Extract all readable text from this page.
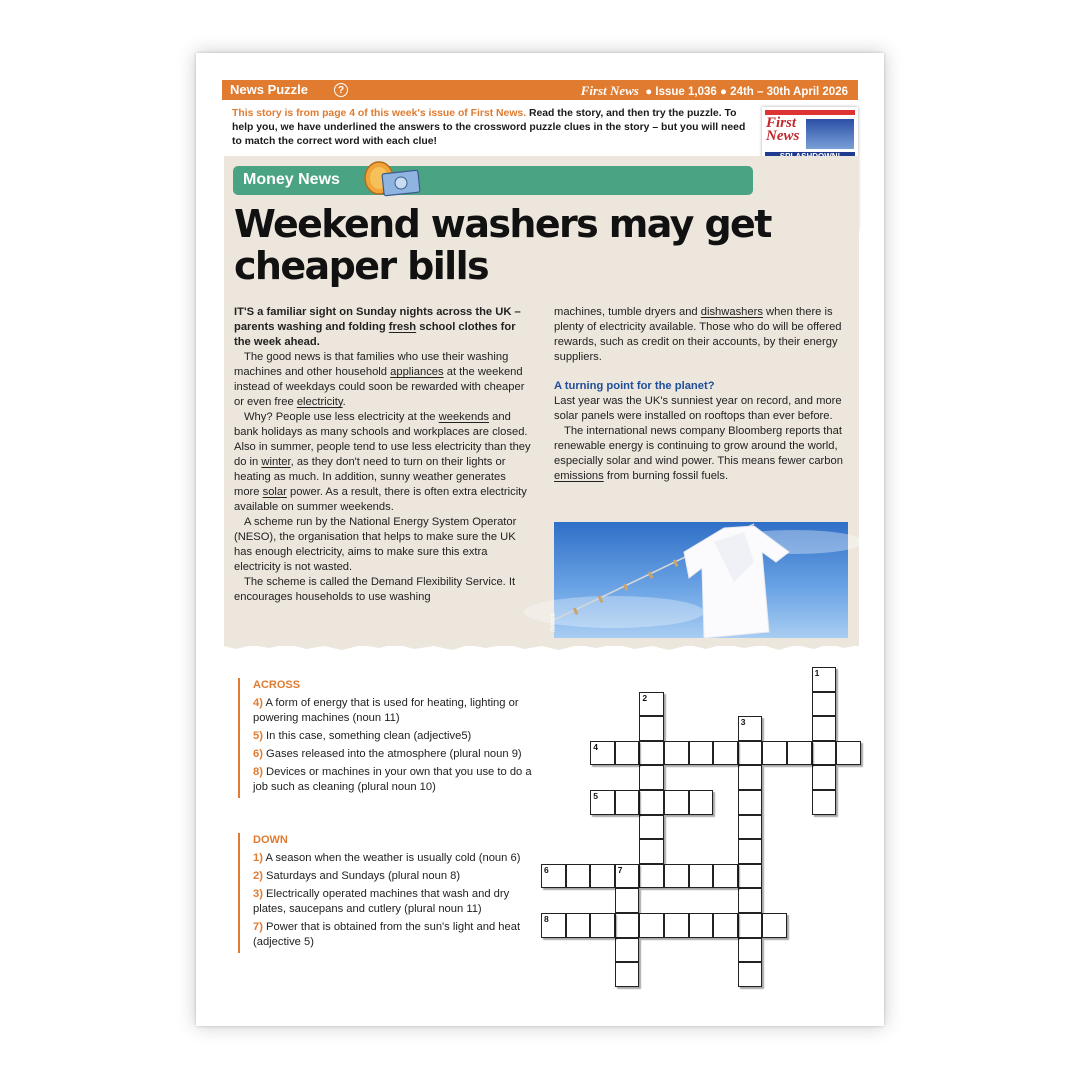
News Puzzle	?	First News ● Issue 1,036 ● 24th – 30th April 2026
This story is from page 4 of this week's issue of First News. Read the story, and then try the puzzle. To help you, we have underlined the answers to the crossword puzzle clues in the story – but you will need to match the correct word with each clue!
First
News
Money News
Weekend washers may get cheaper bills

IT'S a familiar sight on Sunday nights across the UK – parents washing and folding fresh school clothes for the week ahead.

The good news is that families who use their washing machines and other household appliances at the weekend instead of weekdays could soon be rewarded with cheaper or even free electricity.

Why? People use less electricity at the weekends and bank holidays as many schools and workplaces are closed. Also in summer, people tend to use less electricity than they do in winter, as they don't need to turn on their lights or heating as much. In addition, sunny weather generates more solar power. As a result, there is often extra electricity available on summer weekends.

A scheme run by the National Energy System Operator (NESO), the organisation that helps to make sure the UK has enough electricity, aims to make sure this extra electricity is not wasted.

The scheme is called the Demand Flexibility Service. It encourages households to use washing

machines, tumble dryers and dishwashers when there is plenty of electricity available. Those who do will be offered rewards, such as credit on their accounts, by their energy suppliers.

A turning point for the planet?

Last year was the UK's sunniest year on record, and more solar panels were installed on rooftops than ever before.

The international news company Bloomberg reports that renewable energy is continuing to grow around the world, especially solar and wind power. This means fewer carbon emissions from burning fossil fuels.

iStock
ACROSS
4) A form of energy that is used for heating, lighting or powering machines (noun 11)
5) In this case, something clean (adjective5)
6) Gases released into the atmosphere (plural noun 9)
8) Devices or machines in your own that you use to do a job such as cleaning (plural noun 10)
DOWN
1) A season when the weather is usually cold (noun 6)
2) Saturdays and Sundays (plural noun 8)
3) Electrically operated machines that wash and dry plates, saucepans and cutlery (plural noun 11)
7) Power that is obtained from the sun's light and heat (adjective 5)
1
2
3
4
5
6	7
8
